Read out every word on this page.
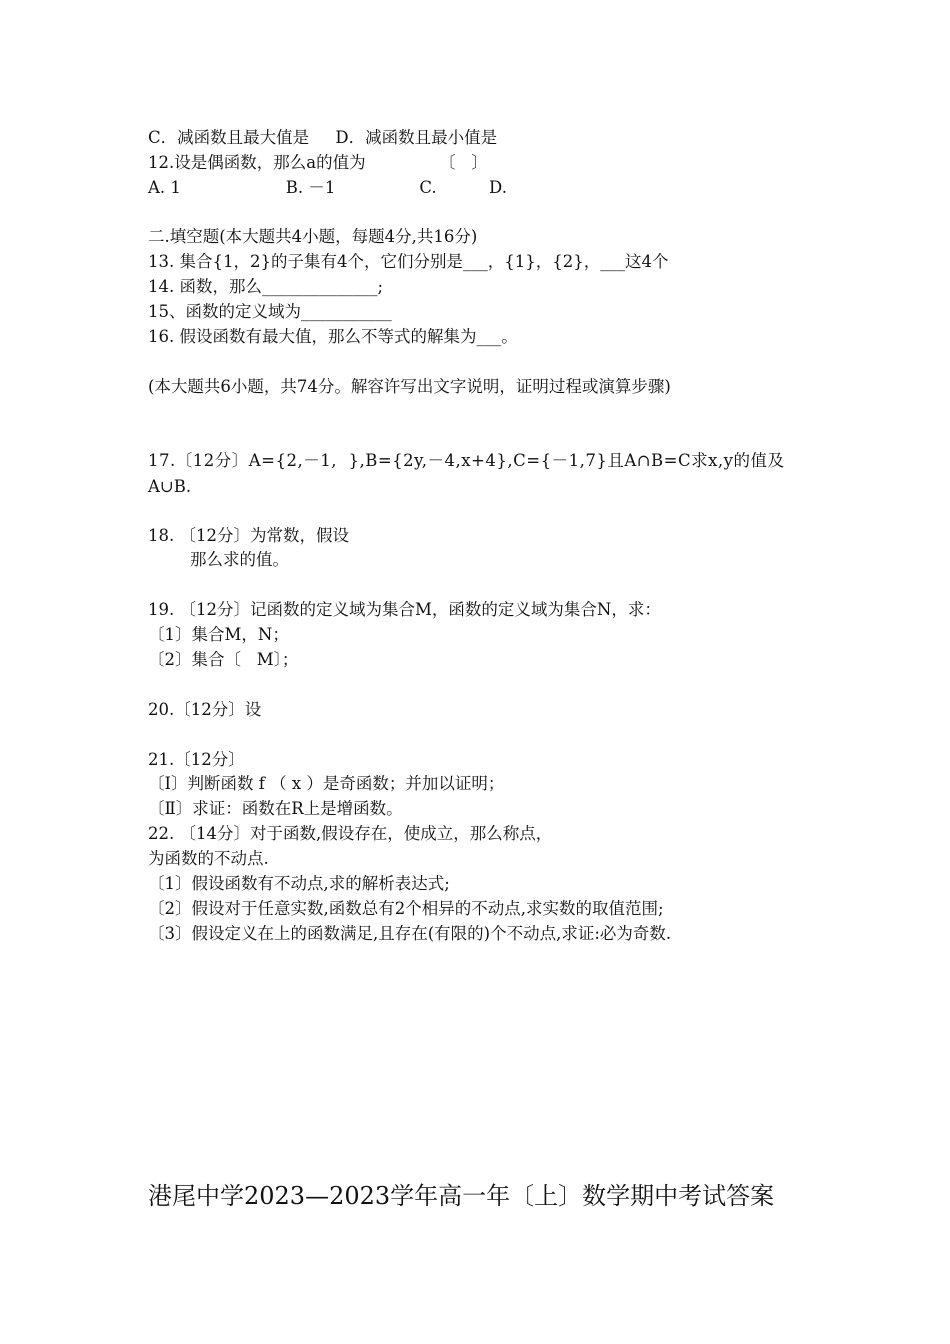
C．减函数且最大值是     D．减函数且最小值是
12.设是偶函数，那么a的值为              〔   〕
A. 1                    B. －1                C.          D.
二.填空题(本大题共4小题，每题4分,共16分)
13. 集合{1，2}的子集有4个，它们分别是___，{1}，{2}，___这4个
14. 函数，那么______________;
15、函数的定义域为___________
16. 假设函数有最大值，那么不等式的解集为___。
(本大题共6小题，共74分。解容许写出文字说明，证明过程或演算步骤)
17.〔12分〕A={2,－1,  },B={2y,－4,x+4},C={－1,7}且A∩B=C求x,y的值及
A∪B.
18. 〔12分〕为常数，假设
那么求的值。
19. 〔12分〕记函数的定义域为集合M，函数的定义域为集合N，求：
〔1〕集合M，N；
〔2〕集合〔   M〕；
20.〔12分〕设
21.〔12分〕
〔Ⅰ〕判断函数 f （ x ）是奇函数；并加以证明；
〔Ⅱ〕求证：函数在R上是增函数。
22. 〔14分〕对于函数,假设存在，使成立，那么称点，
为函数的不动点.
〔1〕假设函数有不动点,求的解析表达式;
〔2〕假设对于任意实数,函数总有2个相异的不动点,求实数的取值范围;
〔3〕假设定义在上的函数满足,且存在(有限的)个不动点,求证:必为奇数.
港尾中学2023—2023学年高一年〔上〕数学期中考试答案
